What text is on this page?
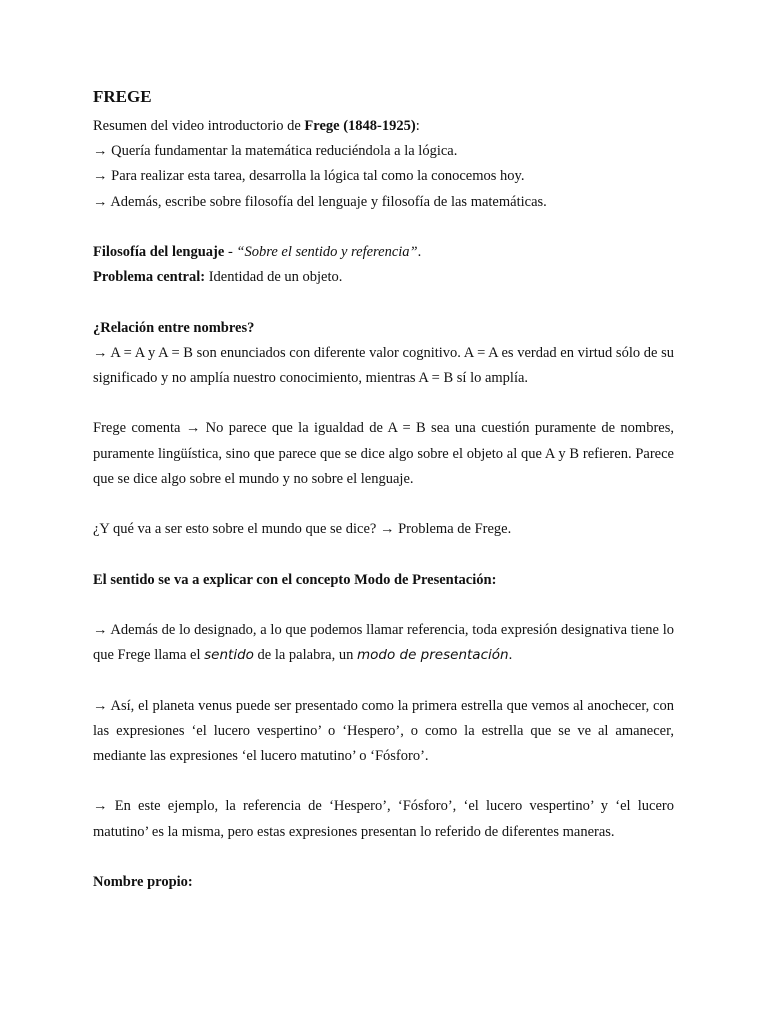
FREGE

Resumen del video introductorio de Frege (1848-1925):

→ Quería fundamentar la matemática reduciéndola a la lógica.

→ Para realizar esta tarea, desarrolla la lógica tal como la conocemos hoy.

→ Además, escribe sobre filosofía del lenguaje y filosofía de las matemáticas.

Filosofía del lenguaje - “Sobre el sentido y referencia”.

Problema central: Identidad de un objeto.

¿Relación entre nombres?

→ A = A y A = B son enunciados con diferente valor cognitivo. A = A es verdad en virtud sólo de su significado y no amplía nuestro conocimiento, mientras A = B sí lo amplía.

Frege comenta → No parece que la igualdad de A = B sea una cuestión puramente de nombres, puramente lingüística, sino que parece que se dice algo sobre el objeto al que A y B refieren. Parece que se dice algo sobre el mundo y no sobre el lenguaje.

¿Y qué va a ser esto sobre el mundo que se dice? → Problema de Frege.

El sentido se va a explicar con el concepto Modo de Presentación:

→ Además de lo designado, a lo que podemos llamar referencia, toda expresión designativa tiene lo que Frege llama el sentido de la palabra, un modo de presentación.

→ Así, el planeta venus puede ser presentado como la primera estrella que vemos al anochecer, con las expresiones ‘el lucero vespertino’ o ‘Hespero’, o como la estrella que se ve al amanecer, mediante las expresiones ‘el lucero matutino’ o ‘Fósforo’.

→ En este ejemplo, la referencia de ‘Hespero’, ‘Fósforo’, ‘el lucero vespertino’ y ‘el lucero matutino’ es la misma, pero estas expresiones presentan lo referido de diferentes maneras.

Nombre propio:
